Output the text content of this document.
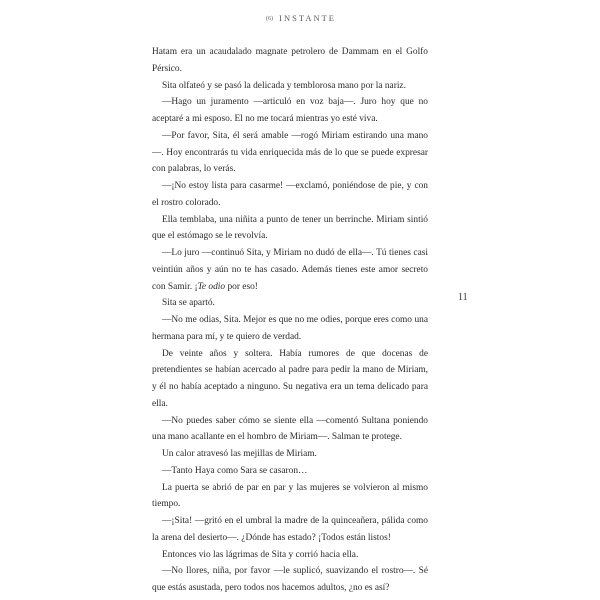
(6) INSTANTE
11

Hatam era un acaudalado magnate petrolero de Dammam en el Golfo Pérsico.

Sita olfateó y se pasó la delicada y temblorosa mano por la nariz.

—Hago un juramento —articuló en voz baja—. Juro hoy que no aceptaré a mi esposo. El no me tocará mientras yo esté viva.

—Por favor, Sita, él será amable —rogó Miriam estirando una mano—. Hoy encontrarás tu vida enriquecida más de lo que se puede expresar con palabras, lo verás.

—¡No estoy lista para casarme! —exclamó, poniéndose de pie, y con el rostro colorado.

Ella temblaba, una niñita a punto de tener un berrinche. Miriam sintió que el estómago se le revolvía.

—Lo juro —continuó Sita, y Miriam no dudó de ella—. Tú tienes casi veintiún años y aún no te has casado. Además tienes este amor secreto con Samir. ¡Te odio por eso!

Sita se apartó.

—No me odias, Sita. Mejor es que no me odies, porque eres como una hermana para mí, y te quiero de verdad.

De veinte años y soltera. Había rumores de que docenas de pretendientes se habían acercado al padre para pedir la mano de Miriam, y él no había aceptado a ninguno. Su negativa era un tema delicado para ella.

—No puedes saber cómo se siente ella —comentó Sultana poniendo una mano acallante en el hombro de Miriam—. Salman te protege.

Un calor atravesó las mejillas de Miriam.

—Tanto Haya como Sara se casaron…

La puerta se abrió de par en par y las mujeres se volvieron al mismo tiempo.

—¡Sita! —gritó en el umbral la madre de la quinceañera, pálida como la arena del desierto—. ¿Dónde has estado? ¡Todos están listos!

Entonces vio las lágrimas de Sita y corrió hacia ella.

—No llores, niña, por favor —le suplicó, suavizando el rostro—. Sé que estás asustada, pero todos nos hacemos adultos, ¿no es así?
